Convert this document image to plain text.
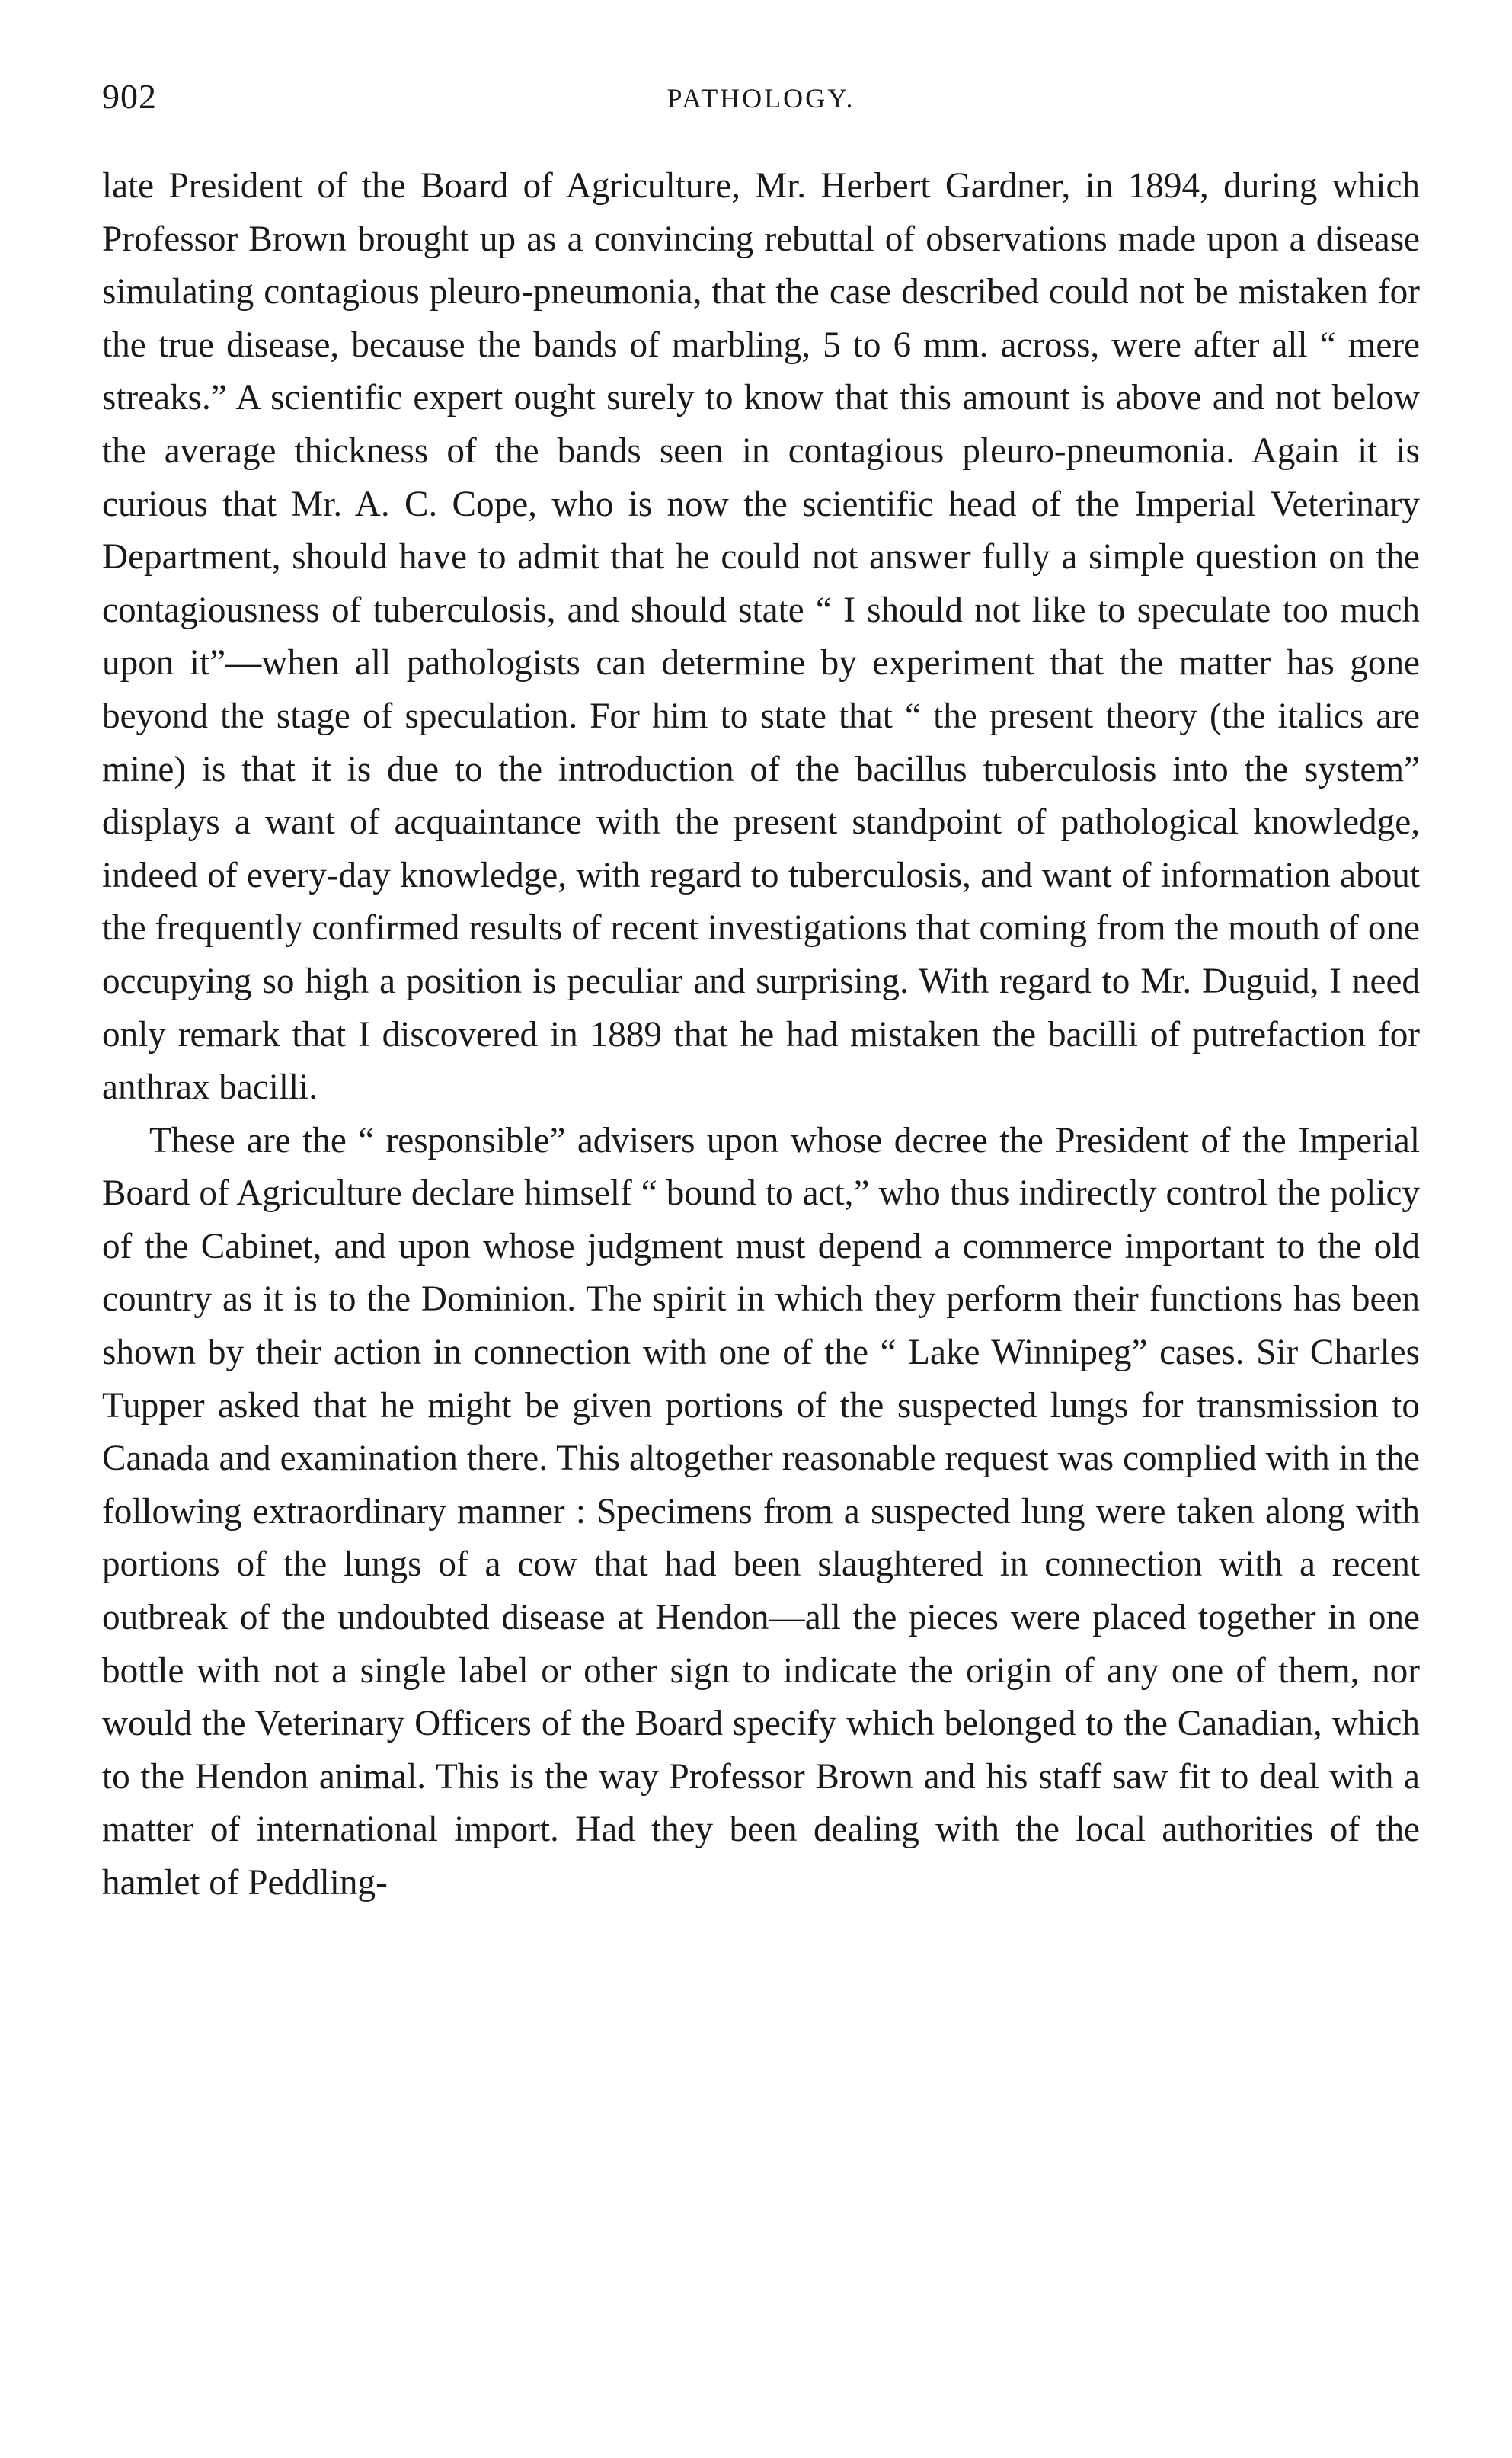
902	PATHOLOGY.

late President of the Board of Agriculture, Mr. Herbert Gardner, in 1894, during which Professor Brown brought up as a convincing rebuttal of observations made upon a disease simulating contagious pleuro-pneumonia, that the case described could not be mistaken for the true disease, because the bands of marbling, 5 to 6 mm. across, were after all “ mere streaks.” A scientific expert ought surely to know that this amount is above and not below the average thickness of the bands seen in contagious pleuro-pneumonia. Again it is curious that Mr. A. C. Cope, who is now the scientific head of the Imperial Veterinary Department, should have to admit that he could not answer fully a simple question on the contagiousness of tuberculosis, and should state “ I should not like to speculate too much upon it”—when all pathologists can determine by experiment that the matter has gone beyond the stage of speculation. For him to state that “ the present theory (the italics are mine) is that it is due to the introduction of the bacillus tuberculosis into the system” displays a want of acquaintance with the present standpoint of pathological knowledge, indeed of every-day knowledge, with regard to tuberculosis, and want of information about the frequently confirmed results of recent investigations that coming from the mouth of one occupying so high a position is peculiar and surprising. With regard to Mr. Duguid, I need only remark that I discovered in 1889 that he had mistaken the bacilli of putrefaction for anthrax bacilli.

These are the “ responsible” advisers upon whose decree the President of the Imperial Board of Agriculture declare himself “ bound to act,” who thus indirectly control the policy of the Cabinet, and upon whose judgment must depend a commerce important to the old country as it is to the Dominion. The spirit in which they perform their functions has been shown by their action in connection with one of the “ Lake Winnipeg” cases. Sir Charles Tupper asked that he might be given portions of the suspected lungs for transmission to Canada and examination there. This altogether reasonable request was complied with in the following extraordinary manner : Specimens from a suspected lung were taken along with portions of the lungs of a cow that had been slaughtered in connection with a recent outbreak of the undoubted disease at Hendon—all the pieces were placed together in one bottle with not a single label or other sign to indicate the origin of any one of them, nor would the Veterinary Officers of the Board specify which belonged to the Canadian, which to the Hendon animal. This is the way Professor Brown and his staff saw fit to deal with a matter of international import. Had they been dealing with the local authorities of the hamlet of Peddling-
